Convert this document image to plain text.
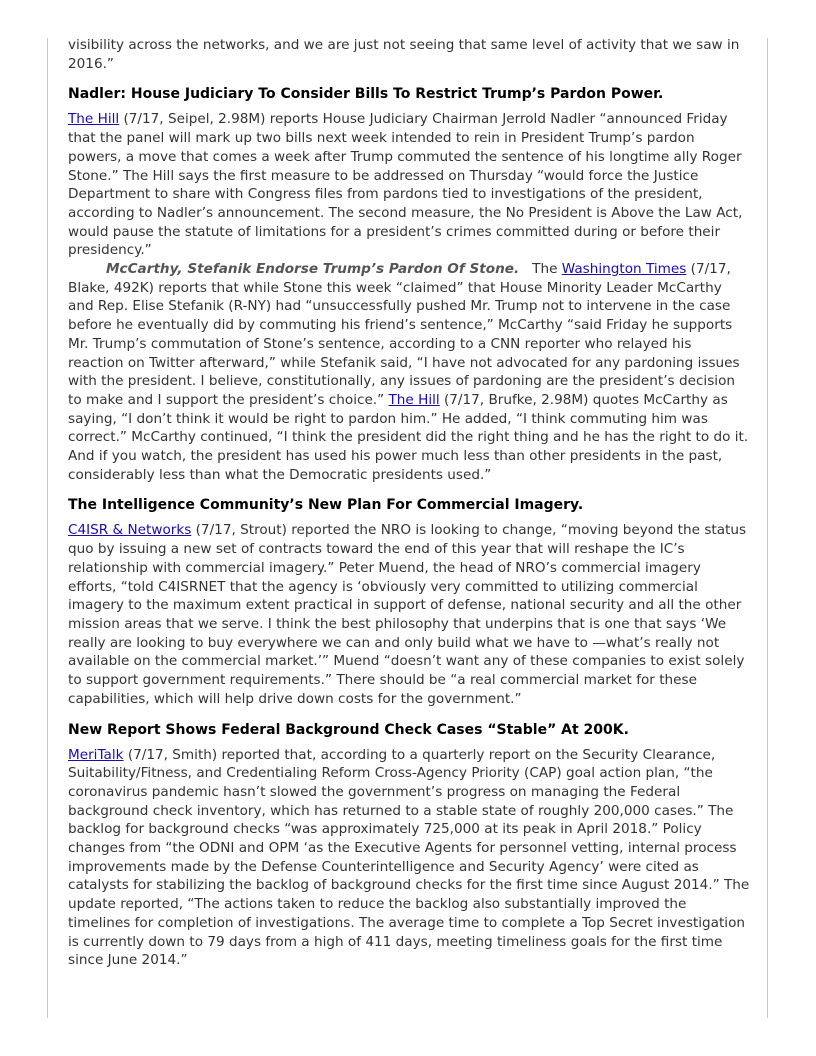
visibility across the networks, and we are just not seeing that same level of activity that we saw in 2016.”

Nadler: House Judiciary To Consider Bills To Restrict Trump’s Pardon Power.

The Hill (7/17, Seipel, 2.98M) reports House Judiciary Chairman Jerrold Nadler “announced Friday that the panel will mark up two bills next week intended to rein in President Trump’s pardon powers, a move that comes a week after Trump commuted the sentence of his longtime ally Roger Stone.” The Hill says the first measure to be addressed on Thursday “would force the Justice Department to share with Congress files from pardons tied to investigations of the president, according to Nadler’s announcement. The second measure, the No President is Above the Law Act, would pause the statute of limitations for a president’s crimes committed during or before their presidency.”

McCarthy, Stefanik Endorse Trump’s Pardon Of Stone.   The Washington Times (7/17, Blake, 492K) reports that while Stone this week “claimed” that House Minority Leader McCarthy and Rep. Elise Stefanik (R-NY) had “unsuccessfully pushed Mr. Trump not to intervene in the case before he eventually did by commuting his friend’s sentence,” McCarthy “said Friday he supports Mr. Trump’s commutation of Stone’s sentence, according to a CNN reporter who relayed his reaction on Twitter afterward,” while Stefanik said, “I have not advocated for any pardoning issues with the president. I believe, constitutionally, any issues of pardoning are the president’s decision to make and I support the president’s choice.” The Hill (7/17, Brufke, 2.98M) quotes McCarthy as saying, “I don’t think it would be right to pardon him.” He added, “I think commuting him was correct.” McCarthy continued, “I think the president did the right thing and he has the right to do it. And if you watch, the president has used his power much less than other presidents in the past, considerably less than what the Democratic presidents used.”

The Intelligence Community’s New Plan For Commercial Imagery.

C4ISR & Networks (7/17, Strout) reported the NRO is looking to change, “moving beyond the status quo by issuing a new set of contracts toward the end of this year that will reshape the IC’s relationship with commercial imagery.” Peter Muend, the head of NRO’s commercial imagery efforts, “told C4ISRNET that the agency is ‘obviously very committed to utilizing commercial imagery to the maximum extent practical in support of defense, national security and all the other mission areas that we serve. I think the best philosophy that underpins that is one that says ‘We really are looking to buy everywhere we can and only build what we have to —what’s really not available on the commercial market.’” Muend “doesn’t want any of these companies to exist solely to support government requirements.” There should be “a real commercial market for these capabilities, which will help drive down costs for the government.”

New Report Shows Federal Background Check Cases “Stable” At 200K.

MeriTalk (7/17, Smith) reported that, according to a quarterly report on the Security Clearance, Suitability/Fitness, and Credentialing Reform Cross-Agency Priority (CAP) goal action plan, “the coronavirus pandemic hasn’t slowed the government’s progress on managing the Federal background check inventory, which has returned to a stable state of roughly 200,000 cases.” The backlog for background checks “was approximately 725,000 at its peak in April 2018.” Policy changes from “the ODNI and OPM ‘as the Executive Agents for personnel vetting, internal process improvements made by the Defense Counterintelligence and Security Agency’ were cited as catalysts for stabilizing the backlog of background checks for the first time since August 2014.” The update reported, “The actions taken to reduce the backlog also substantially improved the timelines for completion of investigations. The average time to complete a Top Secret investigation is currently down to 79 days from a high of 411 days, meeting timeliness goals for the first time since June 2014.”
